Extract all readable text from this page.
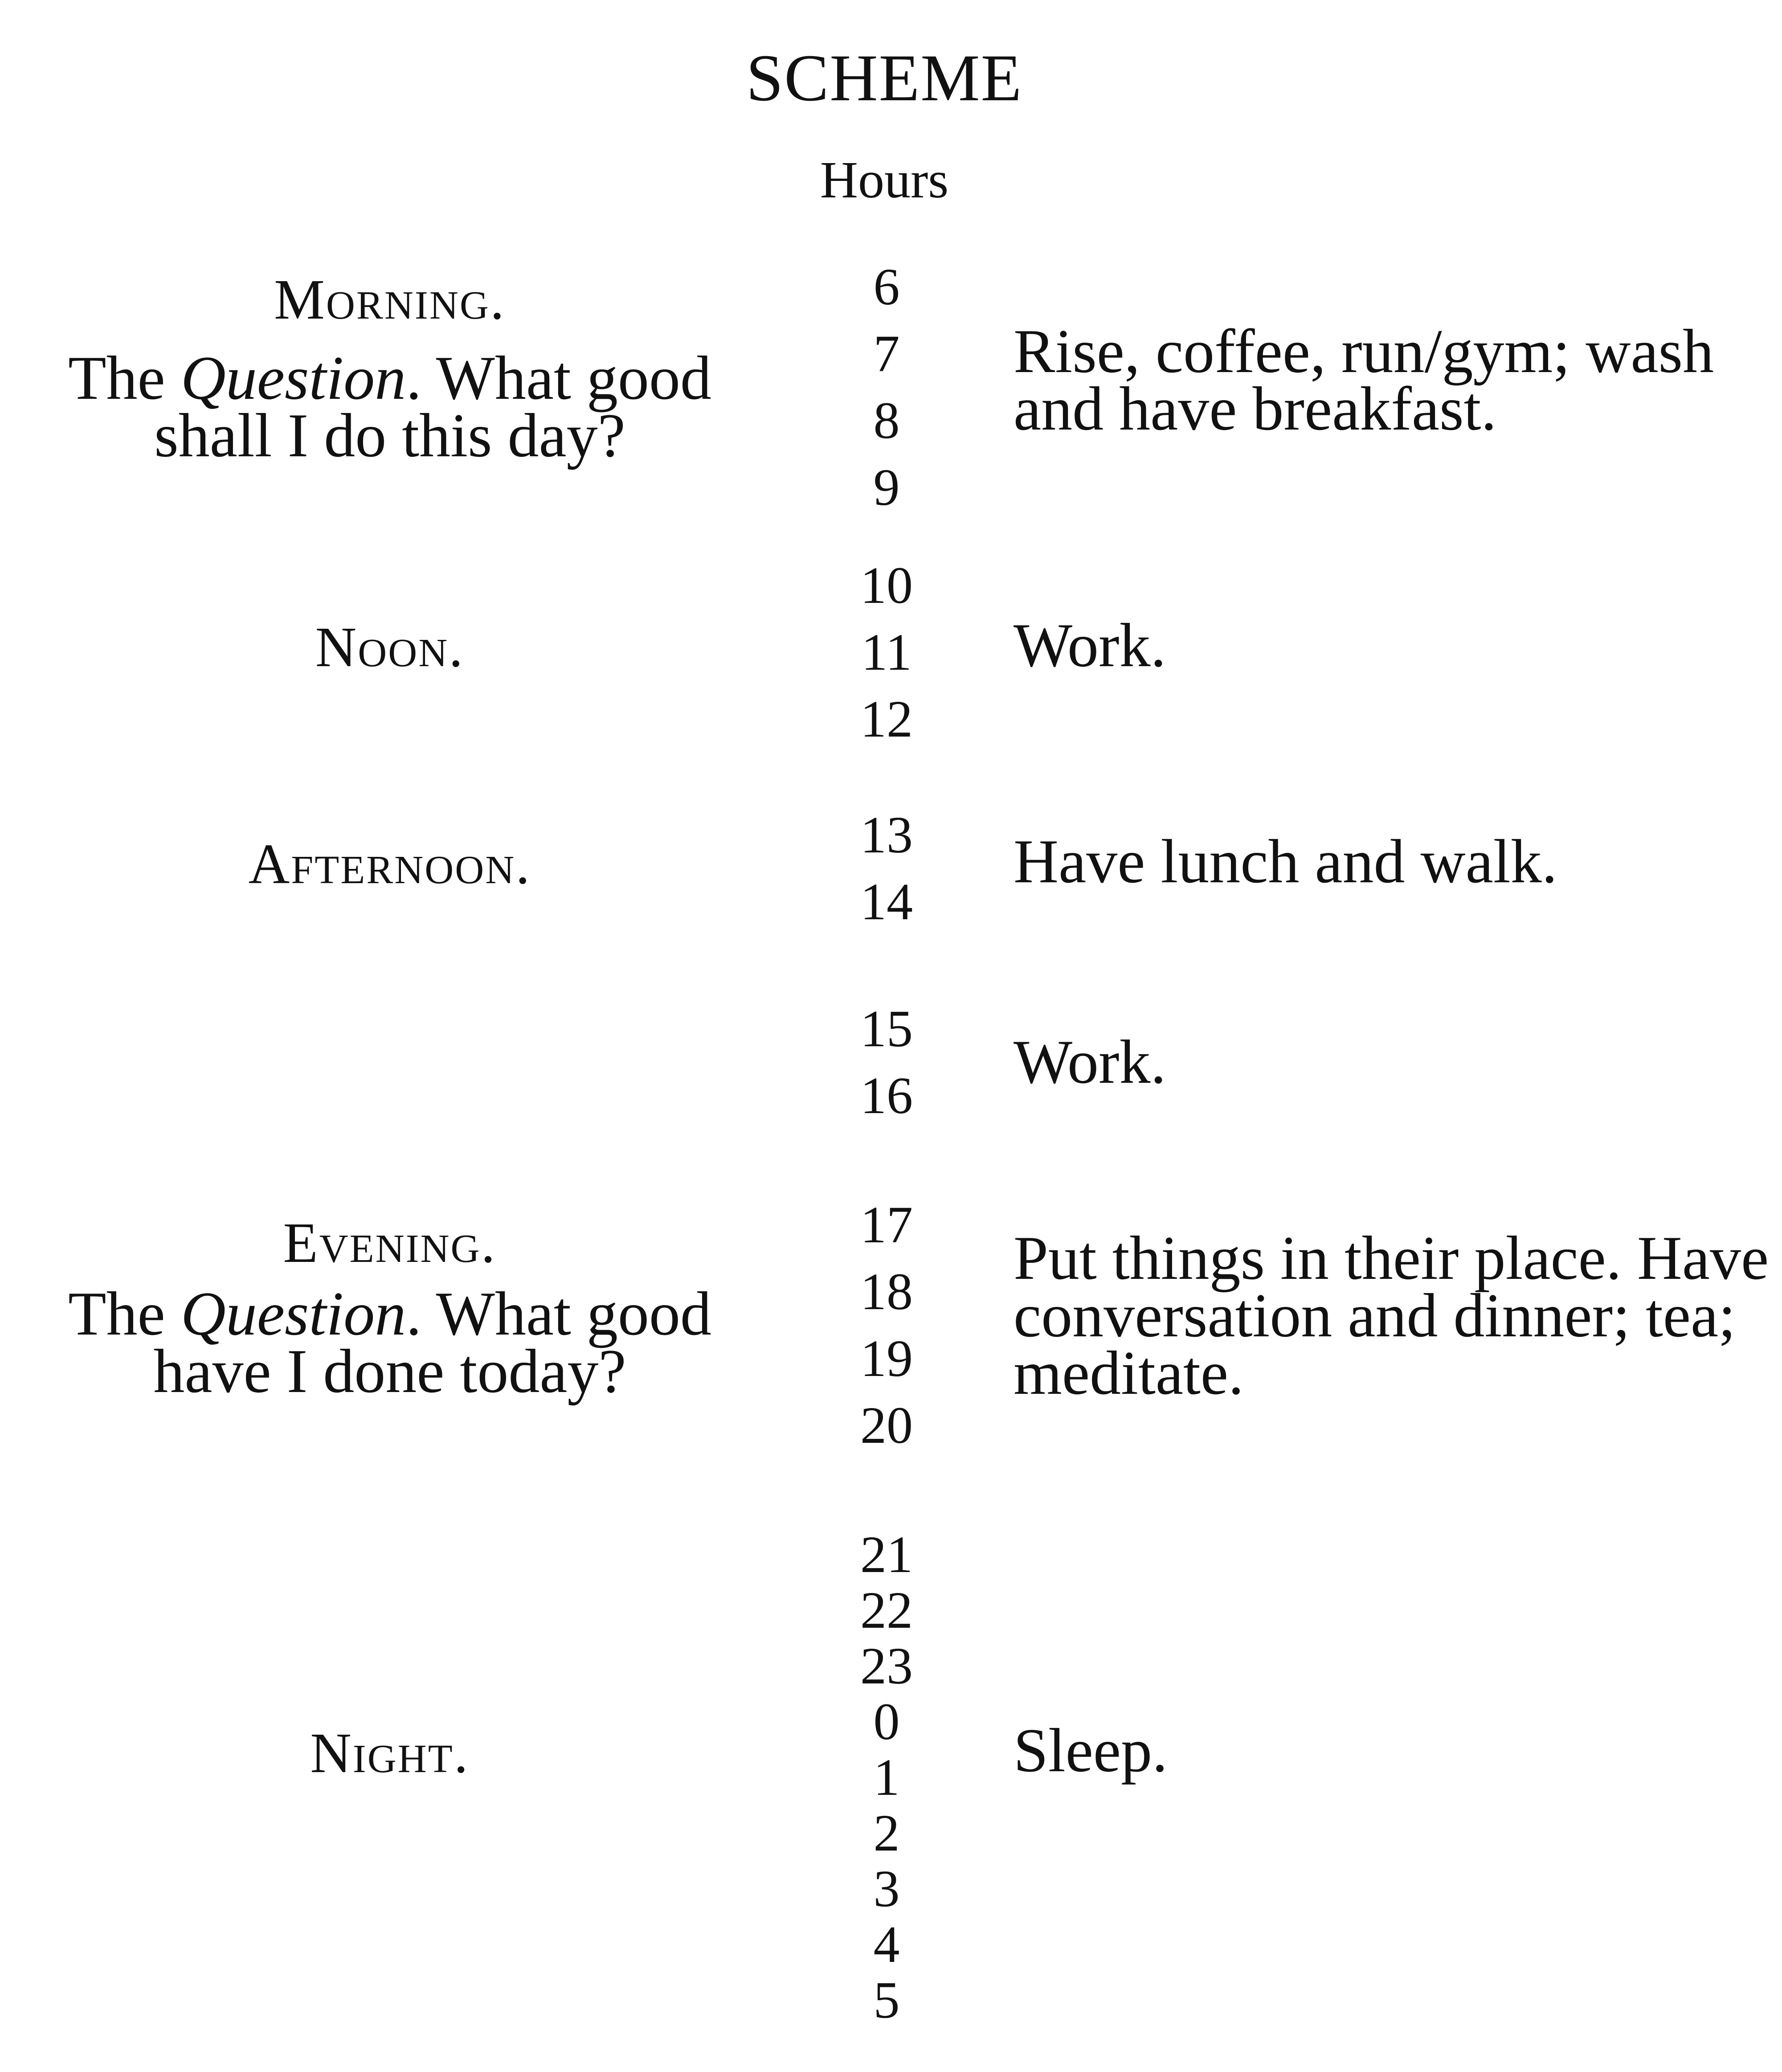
SCHEME
Hours
Morning.
The Question. What good shall I do this day?
6
7
8
9
Rise, coffee, run/gym; wash and have breakfast.
Noon.
10
11
12
Work.
Afternoon.	13
14
Have lunch and walk.
15
16	Work.
Evening.
The Question. What good have I done today?
17
18
19
20
Put things in their place. Have conversation and dinner; tea; meditate.
Night.
21
22
23
0
1
2
3
4
5
Sleep.
